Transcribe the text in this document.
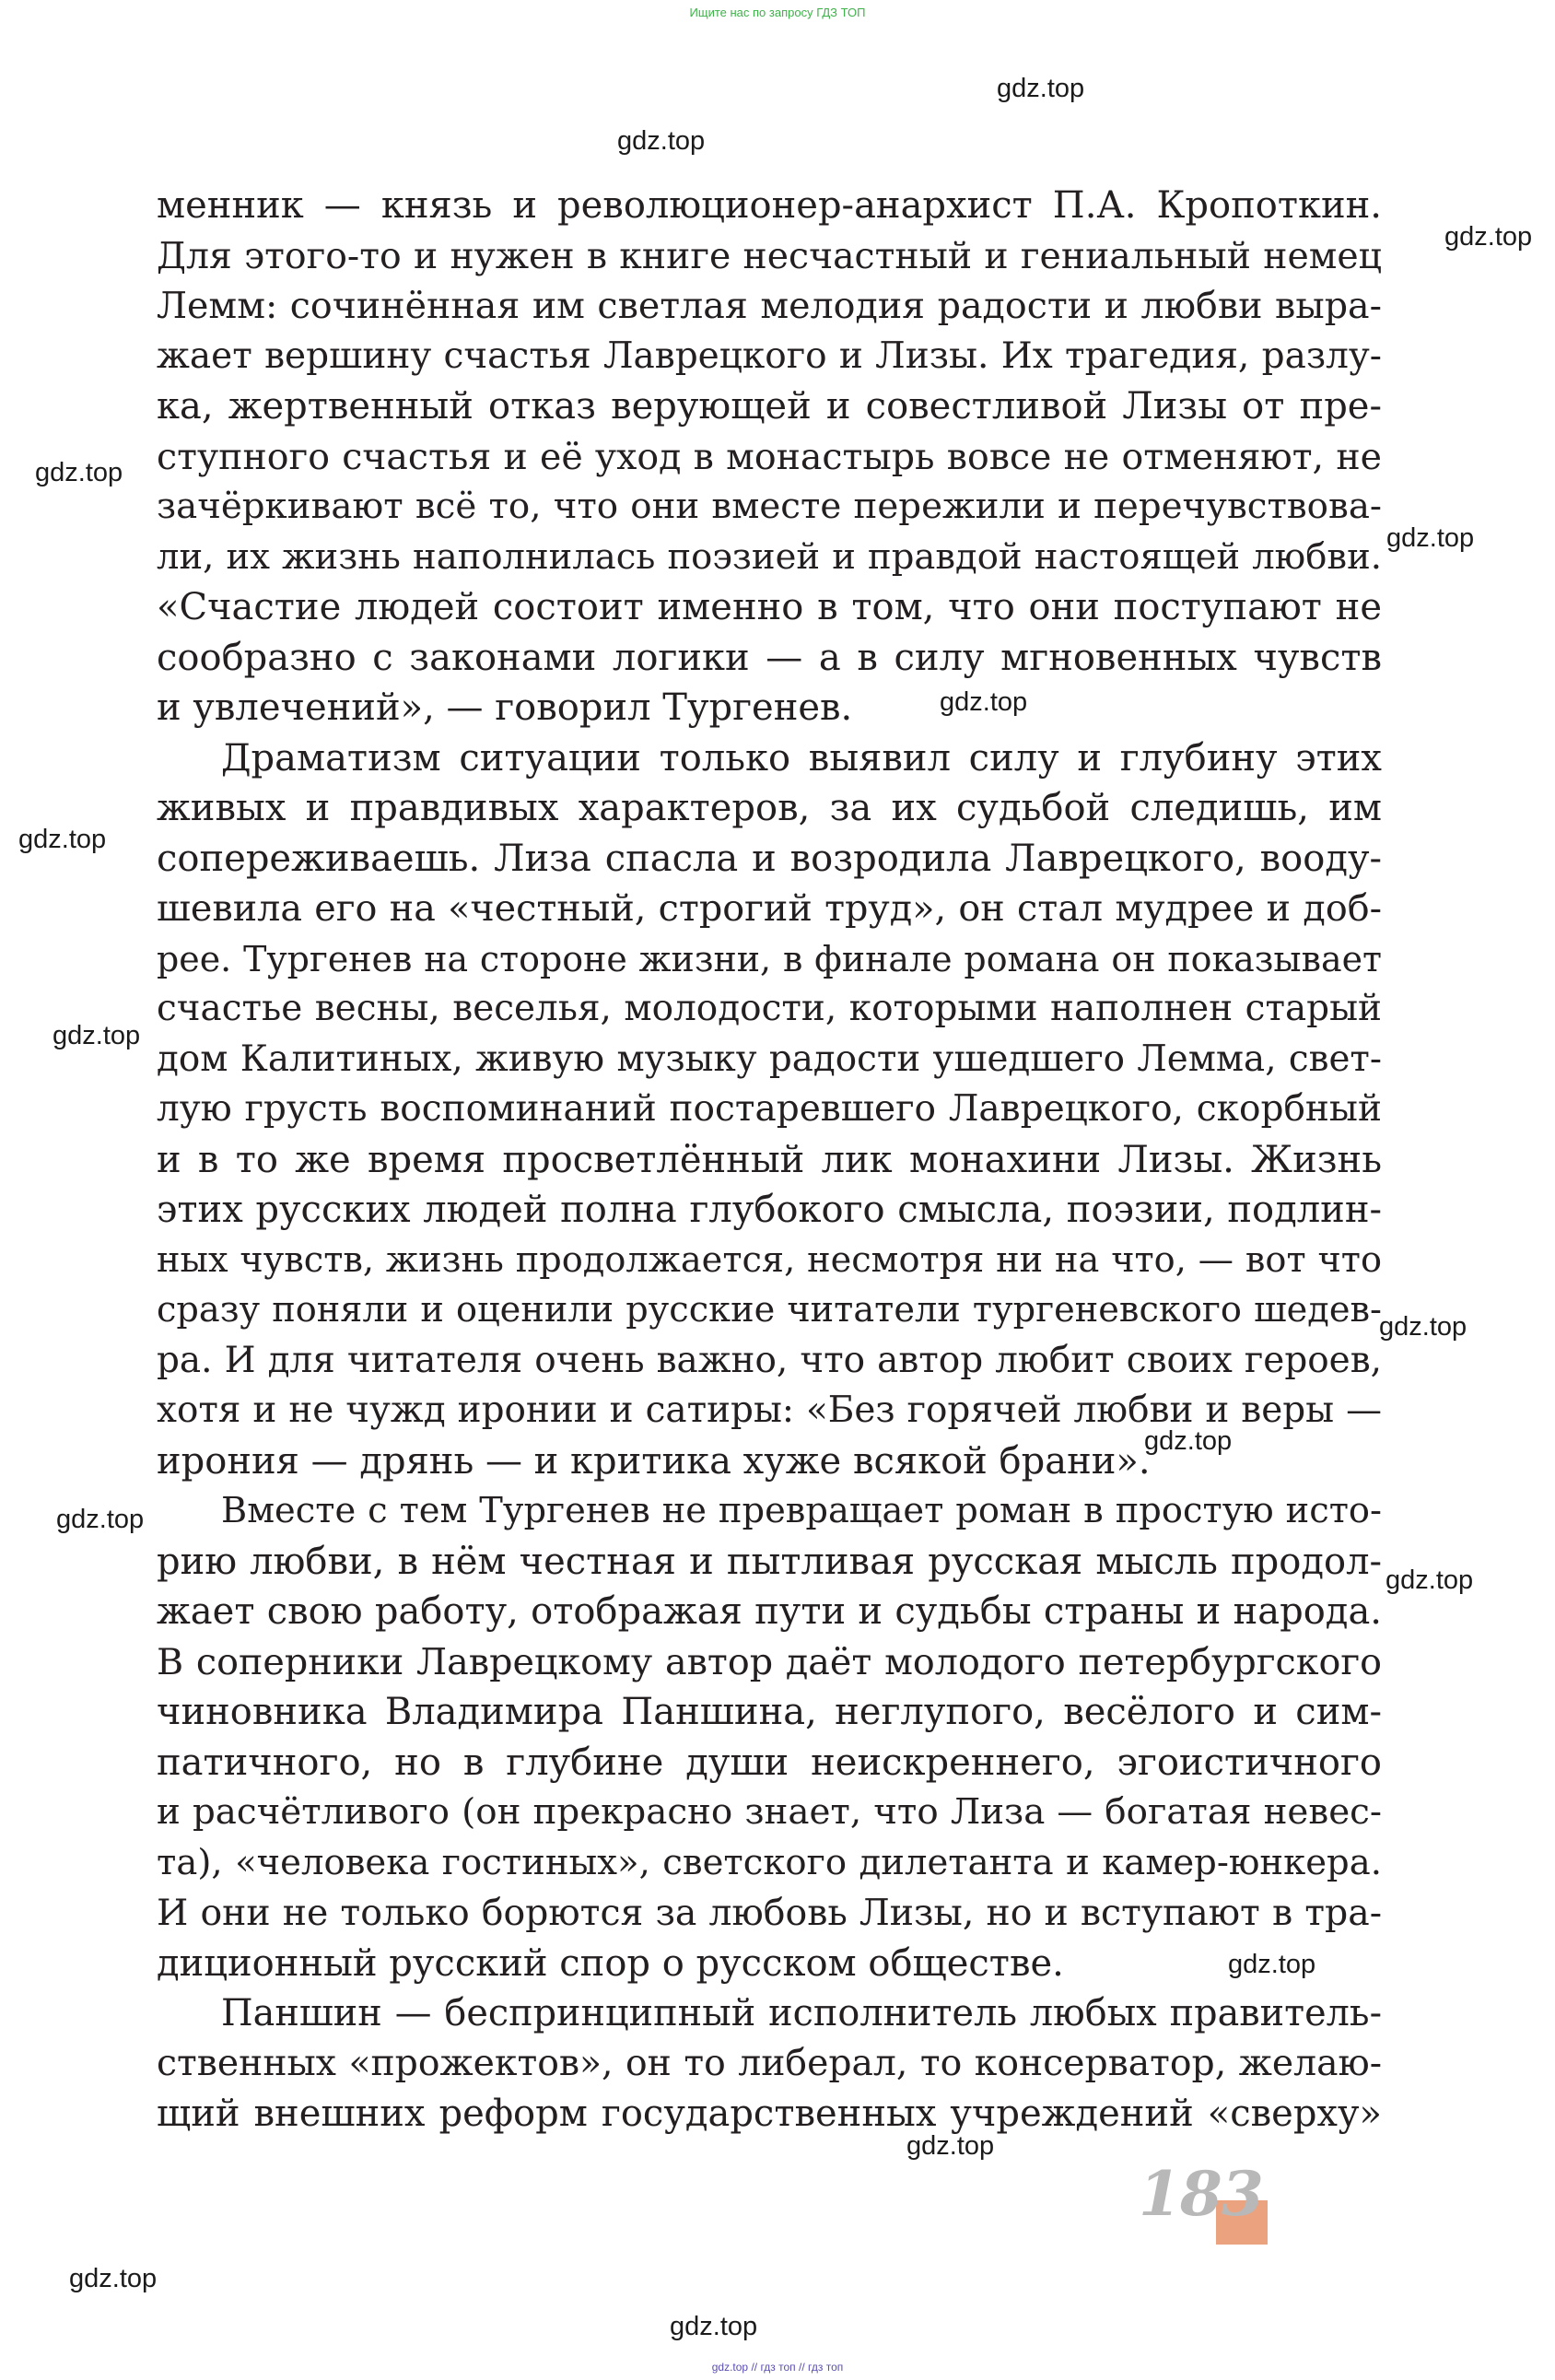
Ищите нас по запросу ГДЗ ТОП
gdz.top
gdz.top
gdz.top
gdz.top
gdz.top
gdz.top
gdz.top
gdz.top
gdz.top
gdz.top
gdz.top
gdz.top
gdz.top
gdz.top
gdz.top
gdz.top
менник — князь и революционер-анархист П.А. Кропоткин.
Для этого-то и нужен в книге несчастный и гениальный немец
Лемм: сочинённая им светлая мелодия радости и любви выра-
жает вершину счастья Лаврецкого и Лизы. Их трагедия, разлу-
ка, жертвенный отказ верующей и совестливой Лизы от пре-
ступного счастья и её уход в монастырь вовсе не отменяют, не
зачёркивают всё то, что они вместе пережили и перечувствова-
ли, их жизнь наполнилась поэзией и правдой настоящей любви.
«Счастие людей состоит именно в том, что они поступают не
сообразно с законами логики — а в силу мгновенных чувств
и увлечений», — говорил Тургенев.
Драматизм ситуации только выявил силу и глубину этих
живых и правдивых характеров, за их судьбой следишь, им
сопереживаешь. Лиза спасла и возродила Лаврецкого, вооду-
шевила его на «честный, строгий труд», он стал мудрее и доб-
рее. Тургенев на стороне жизни, в финале романа он показывает
счастье весны, веселья, молодости, которыми наполнен старый
дом Калитиных, живую музыку радости ушедшего Лемма, свет-
лую грусть воспоминаний постаревшего Лаврецкого, скорбный
и в то же время просветлённый лик монахини Лизы. Жизнь
этих русских людей полна глубокого смысла, поэзии, подлин-
ных чувств, жизнь продолжается, несмотря ни на что, — вот что
сразу поняли и оценили русские читатели тургеневского шедев-
ра. И для читателя очень важно, что автор любит своих героев,
хотя и не чужд иронии и сатиры: «Без горячей любви и веры —
ирония — дрянь — и критика хуже всякой брани».
Вместе с тем Тургенев не превращает роман в простую исто-
рию любви, в нём честная и пытливая русская мысль продол-
жает свою работу, отображая пути и судьбы страны и народа.
В соперники Лаврецкому автор даёт молодого петербургского
чиновника Владимира Паншина, неглупого, весёлого и сим-
патичного, но в глубине души неискреннего, эгоистичного
и расчётливого (он прекрасно знает, что Лиза — богатая невес-
та), «человека гостиных», светского дилетанта и камер-юнкера.
И они не только борются за любовь Лизы, но и вступают в тра-
диционный русский спор о русском обществе.
Паншин — беспринципный исполнитель любых правитель-
ственных «прожектов», он то либерал, то консерватор, желаю-
щий внешних реформ государственных учреждений «сверху»
183
gdz.top // гдз топ // гдз топ
